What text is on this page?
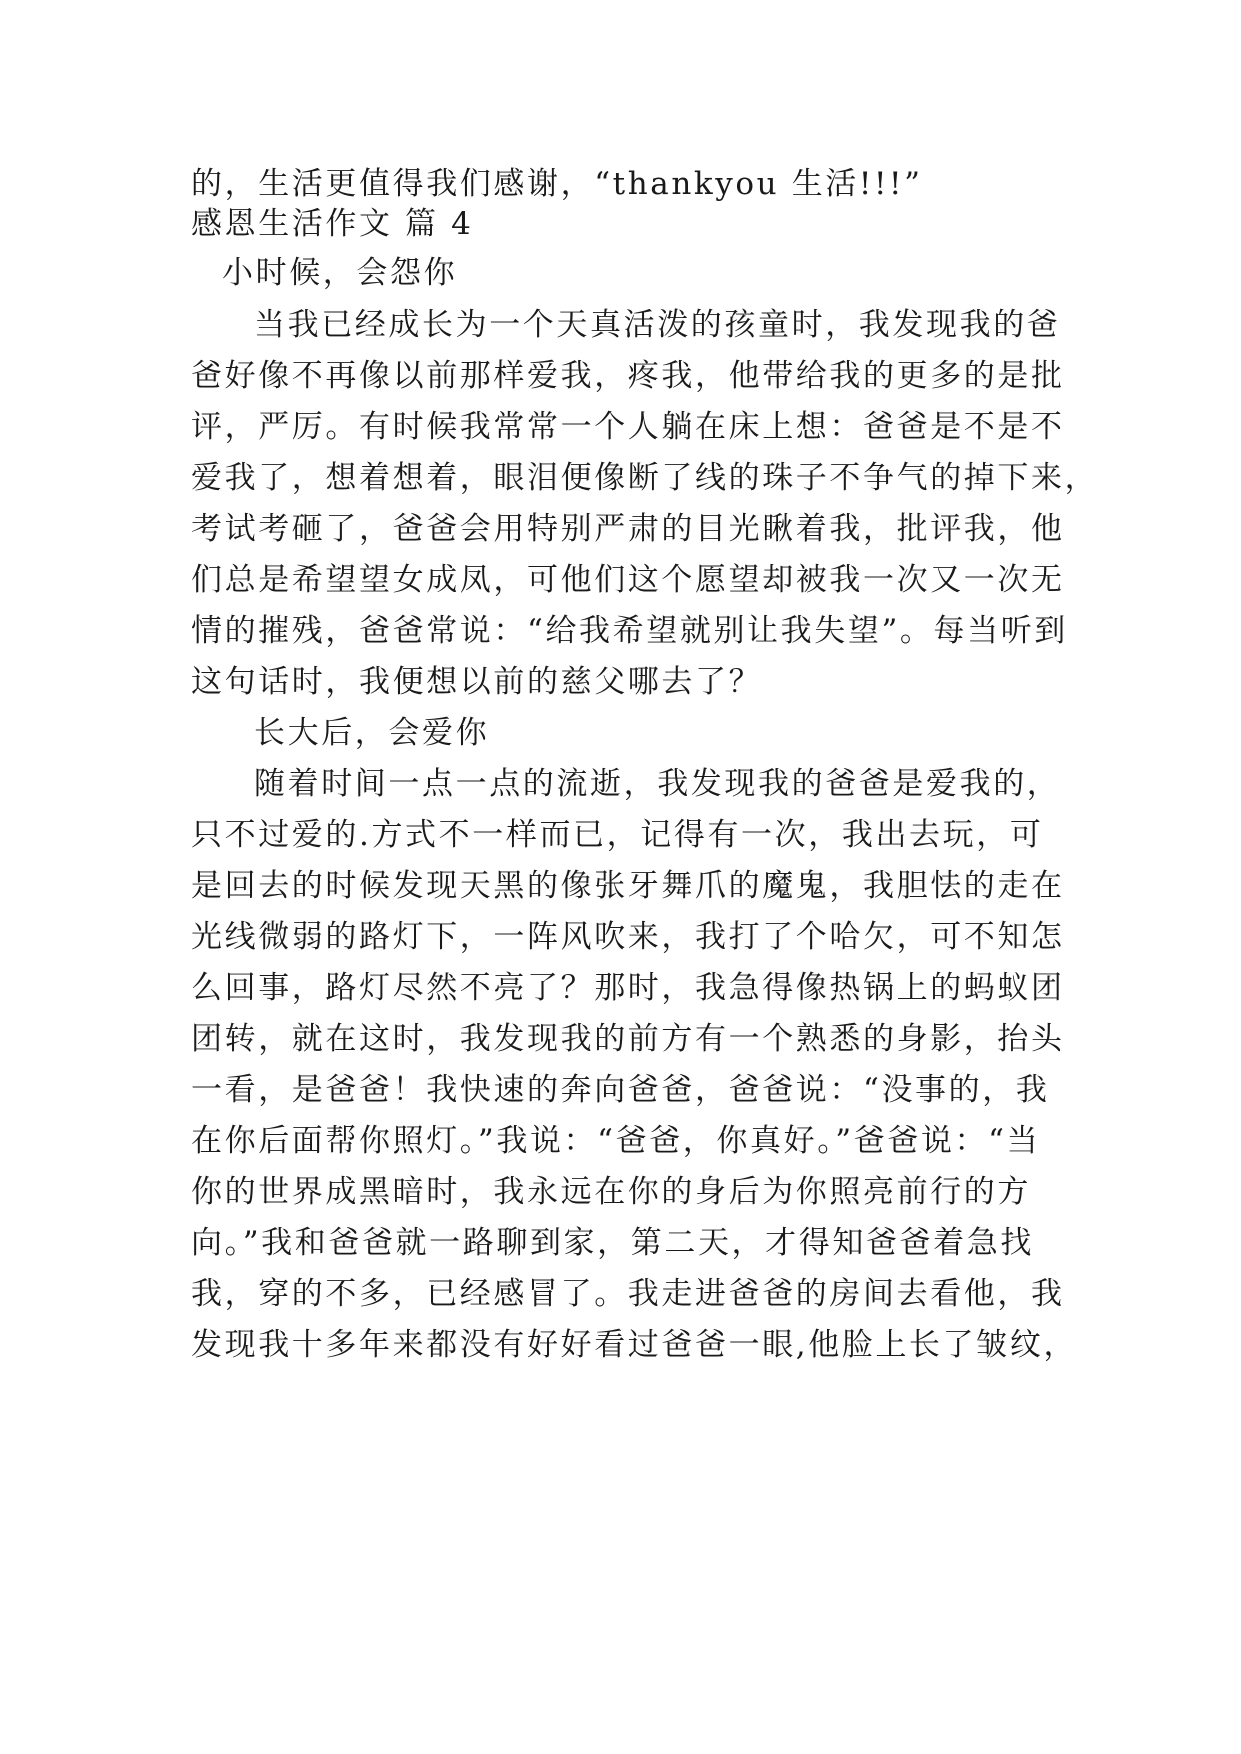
的，生活更值得我们感谢，“thankyou 生活!!!”
感恩生活作文 篇 4
小时候，会怨你
当我已经成长为一个天真活泼的孩童时，我发现我的爸
爸好像不再像以前那样爱我，疼我，他带给我的更多的是批
评，严厉。有时候我常常一个人躺在床上想：爸爸是不是不
爱我了，想着想着，眼泪便像断了线的珠子不争气的掉下来，
考试考砸了，爸爸会用特别严肃的目光瞅着我，批评我，他
们总是希望望女成凤，可他们这个愿望却被我一次又一次无
情的摧残，爸爸常说：“给我希望就别让我失望”。每当听到
这句话时，我便想以前的慈父哪去了？
长大后，会爱你
随着时间一点一点的流逝，我发现我的爸爸是爱我的，
只不过爱的.方式不一样而已，记得有一次，我出去玩，可
是回去的时候发现天黑的像张牙舞爪的魔鬼，我胆怯的走在
光线微弱的路灯下，一阵风吹来，我打了个哈欠，可不知怎
么回事，路灯尽然不亮了？那时，我急得像热锅上的蚂蚁团
团转，就在这时，我发现我的前方有一个熟悉的身影，抬头
一看，是爸爸！我快速的奔向爸爸，爸爸说：“没事的，我
在你后面帮你照灯。”我说：“爸爸，你真好。”爸爸说：“当
你的世界成黑暗时，我永远在你的身后为你照亮前行的方
向。”我和爸爸就一路聊到家，第二天，才得知爸爸着急找
我，穿的不多，已经感冒了。我走进爸爸的房间去看他，我
发现我十多年来都没有好好看过爸爸一眼,他脸上长了皱纹，
